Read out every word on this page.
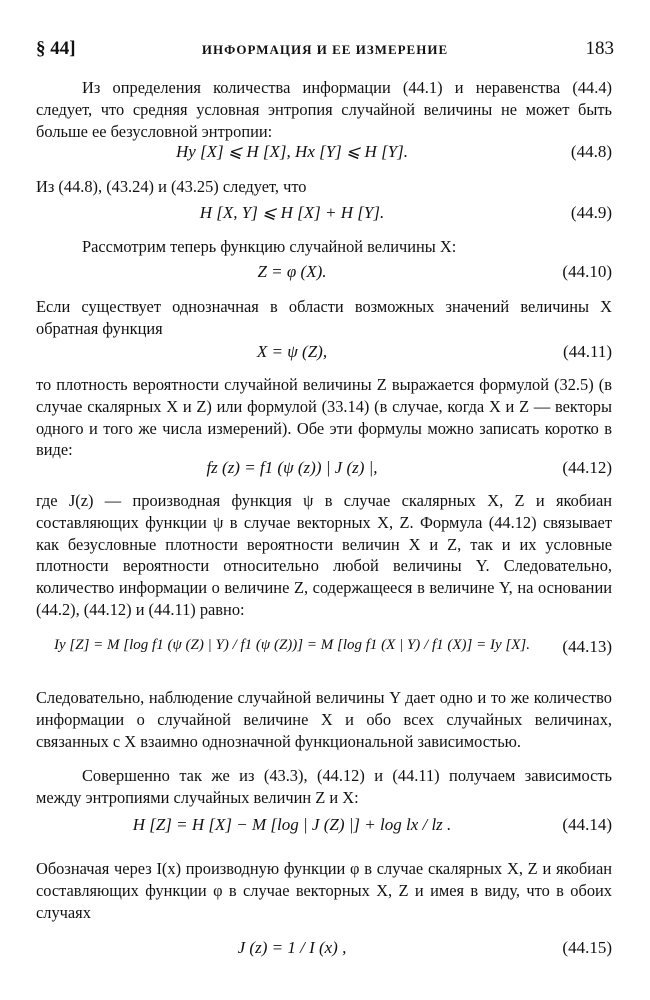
ИНФОРМАЦИЯ И ЕЕ ИЗМЕРЕНИЕ
§ 44]	183
Из определения количества информации (44.1) и неравенства (44.4) следует, что средняя условная энтропия случайной величины не может быть больше ее безусловной энтропии:
Hy [X] ⩽ H [X], Hx [Y] ⩽ H [Y].	(44.8)
Из (44.8), (43.24) и (43.25) следует, что
H [X, Y] ⩽ H [X] + H [Y].	(44.9)
Рассмотрим теперь функцию случайной величины X:
Z = φ (X).	(44.10)
Если существует однозначная в области возможных значений величины X обратная функция
X = ψ (Z),	(44.11)
то плотность вероятности случайной величины Z выражается формулой (32.5) (в случае скалярных X и Z) или формулой (33.14) (в случае, когда X и Z — векторы одного и того же числа измерений). Обе эти формулы можно записать коротко в виде:
fz (z) = f1 (ψ (z)) | J (z) |,	(44.12)
где J(z) — производная функция ψ в случае скалярных X, Z и якобиан составляющих функции ψ в случае векторных X, Z. Формула (44.12) связывает как безусловные плотности вероятности величин X и Z, так и их условные плотности вероятности относительно любой величины Y. Следовательно, количество информации о величине Z, содержащееся в величине Y, на основании (44.2), (44.12) и (44.11) равно:
Iy [Z] = M [log f1 (ψ (Z) | Y) / f1 (ψ (Z))] = M [log f1 (X | Y) / f1 (X)] = Iy [X].	(44.13)
Следовательно, наблюдение случайной величины Y дает одно и то же количество информации о случайной величине X и обо всех случайных величинах, связанных с X взаимно однозначной функциональной зависимостью.
Совершенно так же из (43.3), (44.12) и (44.11) получаем зависимость между энтропиями случайных величин Z и X:
H [Z] = H [X] − M [log | J (Z) |] + log lx / lz .	(44.14)
Обозначая через I(x) производную функции φ в случае скалярных X, Z и якобиан составляющих функции φ в случае векторных X, Z и имея в виду, что в обоих случаях
J (z) = 1 / I (x) ,	(44.15)
